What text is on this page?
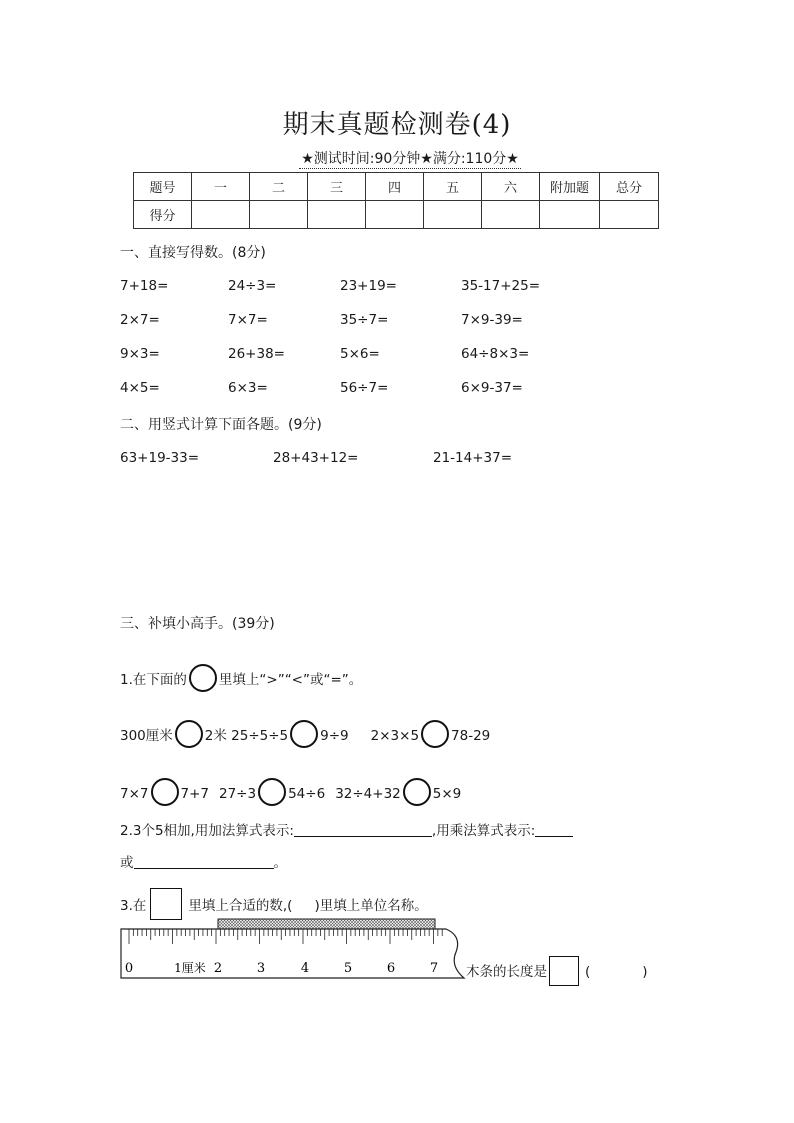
期末真题检测卷(4)
★测试时间:90分钟★满分:110分★
题号	一	二	三	四	五	六	附加题	总分
得分								
一、直接写得数。(8分)
7+18=	24÷3=	23+19=	35-17+25=
2×7=	7×7=	35÷7=	7×9-39=
9×3=	26+38=	5×6=	64÷8×3=
4×5=	6×3=	56÷7=	6×9-37=
二、用竖式计算下面各题。(9分)
63+19-33=	28+43+12=	21-14+37=
三、补填小高手。(39分)
1.在下面的 里填上“>”“<”或“=”。
300厘米 2米 25÷5÷5 9÷9 2×3×5 78-29
7×7 7+7 27÷3 54÷6 32÷4+32 5×9
2.3个5相加,用加法算式表示:	,用乘法算式表示:
或	。
3.在	里填上合适的数,( )里填上单位名称。
0	1厘米 2	3	4	5	6	7 木条的长度是	(	)
